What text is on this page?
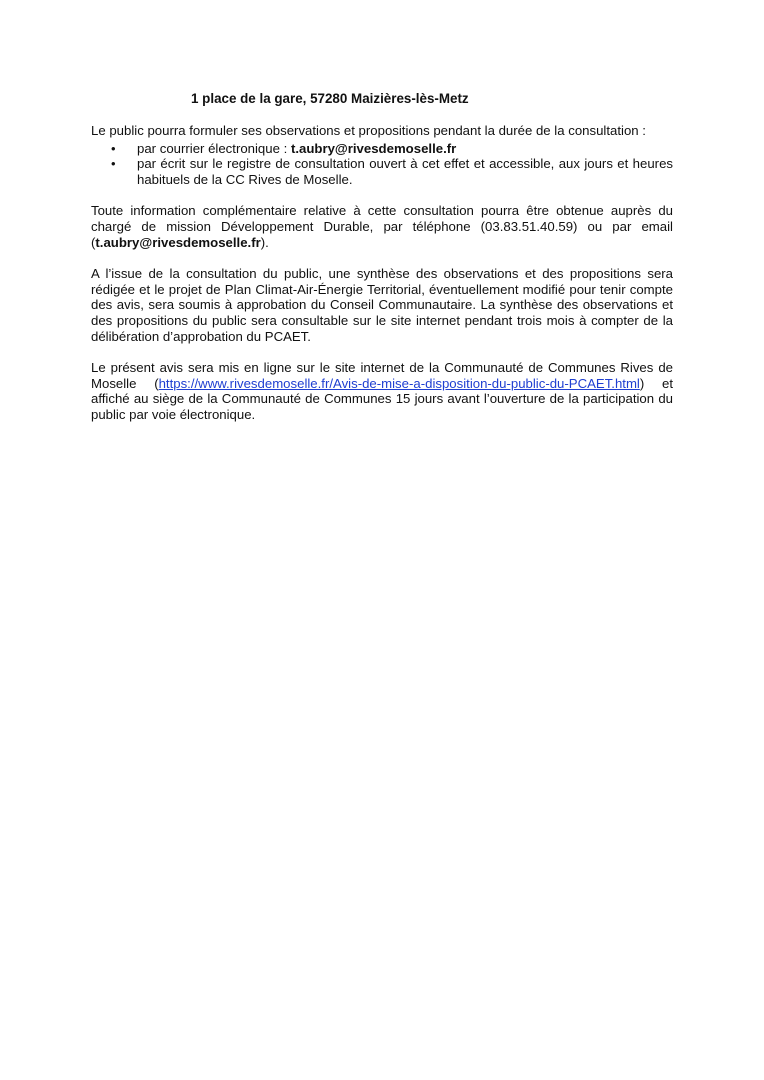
1 place de la gare, 57280 Maizières-lès-Metz
Le public pourra formuler ses observations et propositions pendant la durée de la consultation :
• par courrier électronique : t.aubry@rivesdemoselle.fr
• par écrit sur le registre de consultation ouvert à cet effet et accessible, aux jours et heures habituels de la CC Rives de Moselle.
Toute information complémentaire relative à cette consultation pourra être obtenue auprès du chargé de mission Développement Durable, par téléphone (03.83.51.40.59) ou par email (t.aubry@rivesdemoselle.fr).
A l’issue de la consultation du public, une synthèse des observations et des propositions sera rédigée et le projet de Plan Climat-Air-Énergie Territorial, éventuellement modifié pour tenir compte des avis, sera soumis à approbation du Conseil Communautaire. La synthèse des observations et des propositions du public sera consultable sur le site internet pendant trois mois à compter de la délibération d’approbation du PCAET.
Le présent avis sera mis en ligne sur le site internet de la Communauté de Communes Rives de Moselle (https://www.rivesdemoselle.fr/Avis-de-mise-a-disposition-du-public-du-PCAET.html) et affiché au siège de la Communauté de Communes 15 jours avant l’ouverture de la participation du public par voie électronique.
